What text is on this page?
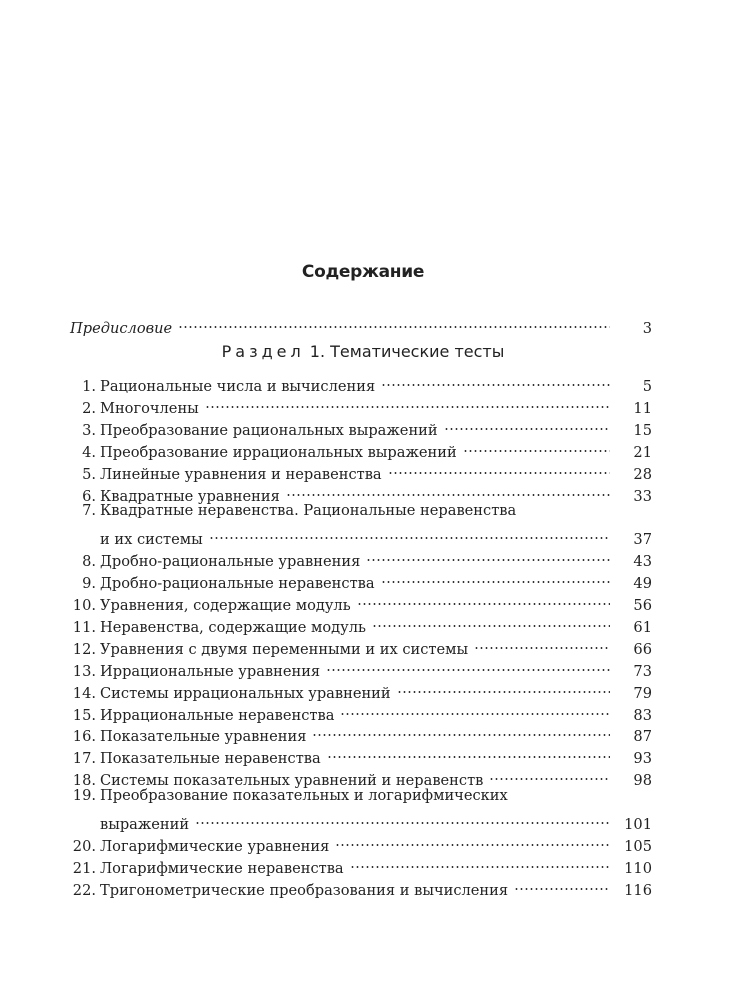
Содержание
Предисловие	3
Раздел 1. Тематические тесты
1. Рациональные числа и вычисления	5
2. Многочлены	11
3. Преобразование рациональных выражений	15
4. Преобразование иррациональных выражений	21
5. Линейные уравнения и неравенства	28
6. Квадратные уравнения	33
7. Квадратные неравенства. Рациональные неравенства
и их системы	37
8. Дробно-рациональные уравнения	43
9. Дробно-рациональные неравенства	49
10. Уравнения, содержащие модуль	56
11. Неравенства, содержащие модуль	61
12. Уравнения с двумя переменными и их системы	66
13. Иррациональные уравнения	73
14. Системы иррациональных уравнений	79
15. Иррациональные неравенства	83
16. Показательные уравнения	87
17. Показательные неравенства	93
18. Системы показательных уравнений и неравенств	98
19. Преобразование показательных и логарифмических
выражений	101
20. Логарифмические уравнения	105
21. Логарифмические неравенства	110
22. Тригонометрические преобразования и вычисления	116
